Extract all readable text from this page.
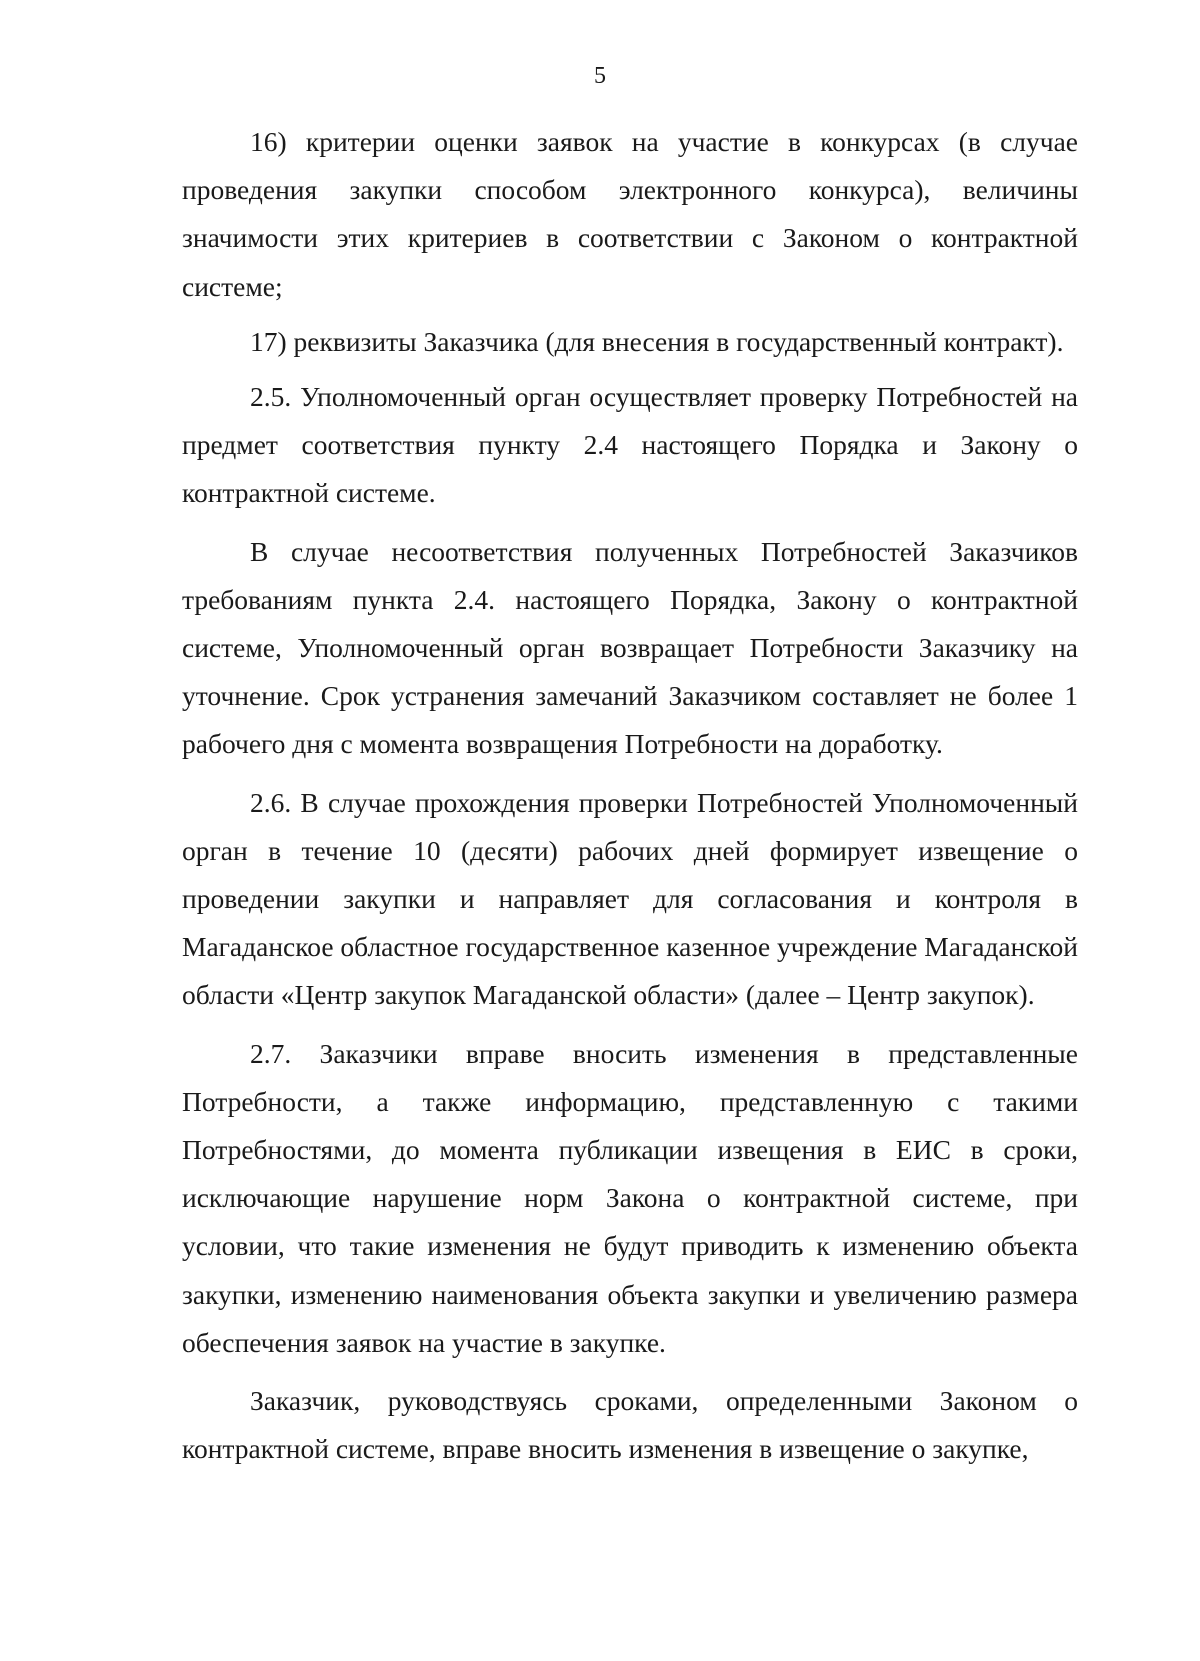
5

16) критерии оценки заявок на участие в конкурсах (в случае проведения закупки способом электронного конкурса), величины значимости этих критериев в соответствии с Законом о контрактной системе;

17) реквизиты Заказчика (для внесения в государственный контракт).

2.5. Уполномоченный орган осуществляет проверку Потребностей на предмет соответствия пункту 2.4 настоящего Порядка и Закону о контрактной системе.

В случае несоответствия полученных Потребностей Заказчиков требованиям пункта 2.4. настоящего Порядка, Закону о контрактной системе, Уполномоченный орган возвращает Потребности Заказчику на уточнение. Срок устранения замечаний Заказчиком составляет не более 1 рабочего дня с момента возвращения Потребности на доработку.

2.6. В случае прохождения проверки Потребностей Уполномоченный орган в течение 10 (десяти) рабочих дней формирует извещение о проведении закупки и направляет для согласования и контроля в Магаданское областное государственное казенное учреждение Магаданской области «Центр закупок Магаданской области» (далее – Центр закупок).

2.7. Заказчики вправе вносить изменения в представленные Потребности, а также информацию, представленную с такими Потребностями, до момента публикации извещения в ЕИС в сроки, исключающие нарушение норм Закона о контрактной системе, при условии, что такие изменения не будут приводить к изменению объекта закупки, изменению наименования объекта закупки и увеличению размера обеспечения заявок на участие в закупке.

Заказчик, руководствуясь сроками, определенными Законом о контрактной системе, вправе вносить изменения в извещение о закупке,
